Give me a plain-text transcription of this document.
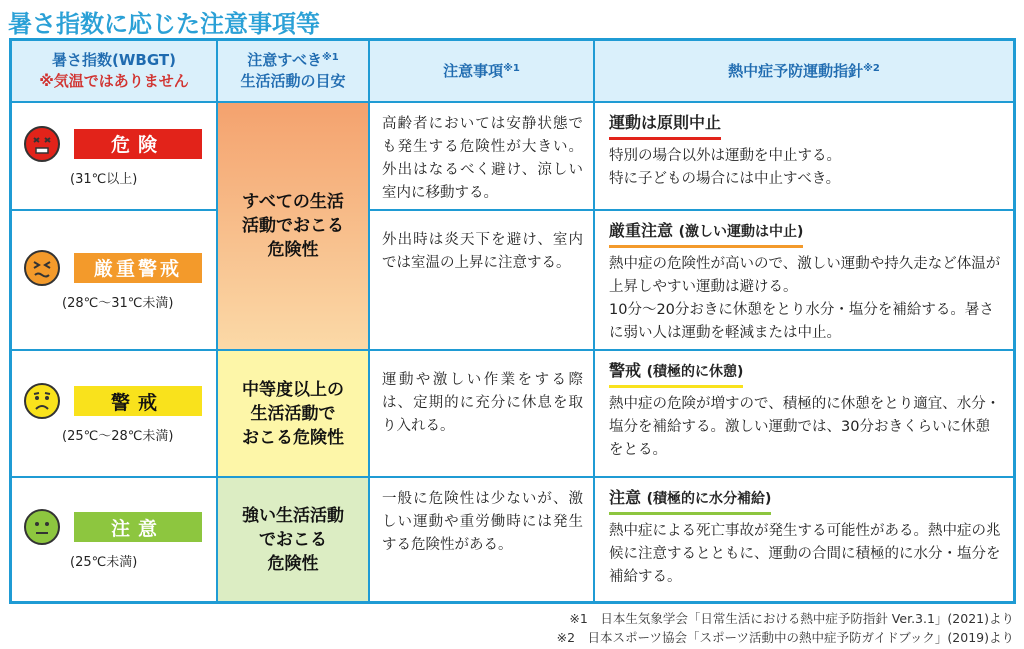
暑さ指数に応じた注意事項等
暑さ指数(WBGT)
※気温ではありません
注意すべき$^{※1}$
生活活動の目安
注意事項$^{※1}$	熱中症予防運動指針$^{※2}$
危険
(31℃以上)
厳重警戒
(28℃〜31℃未満)
警戒
(25℃〜28℃未満)
注意
(25℃未満)
すべての生活
活動でおこる
危険性
中等度以上の
生活活動で
おこる危険性
強い生活活動
でおこる
危険性
高齢者においては安静状態でも発生する危険性が大きい。外出はなるべく避け、涼しい室内に移動する。
外出時は炎天下を避け、室内では室温の上昇に注意する。
運動や激しい作業をする際は、定期的に充分に休息を取り入れる。
一般に危険性は少ないが、激しい運動や重労働時には発生する危険性がある。
運動は原則中止
特別の場合以外は運動を中止する。
特に子どもの場合には中止すべき。
厳重注意 (激しい運動は中止)
熱中症の危険性が高いので、激しい運動や持久走など体温が上昇しやすい運動は避ける。
10分〜20分おきに休憩をとり水分・塩分を補給する。暑さに弱い人は運動を軽減または中止。
警戒 (積極的に休憩)
熱中症の危険が増すので、積極的に休憩をとり適宜、水分・塩分を補給する。激しい運動では、30分おきくらいに休憩をとる。
注意 (積極的に水分補給)
熱中症による死亡事故が発生する可能性がある。熱中症の兆候に注意するとともに、運動の合間に積極的に水分・塩分を補給する。
※1　日本生気象学会「日常生活における熱中症予防指針 Ver.3.1」(2021)より
※2　日本スポーツ協会「スポーツ活動中の熱中症予防ガイドブック」(2019)より
